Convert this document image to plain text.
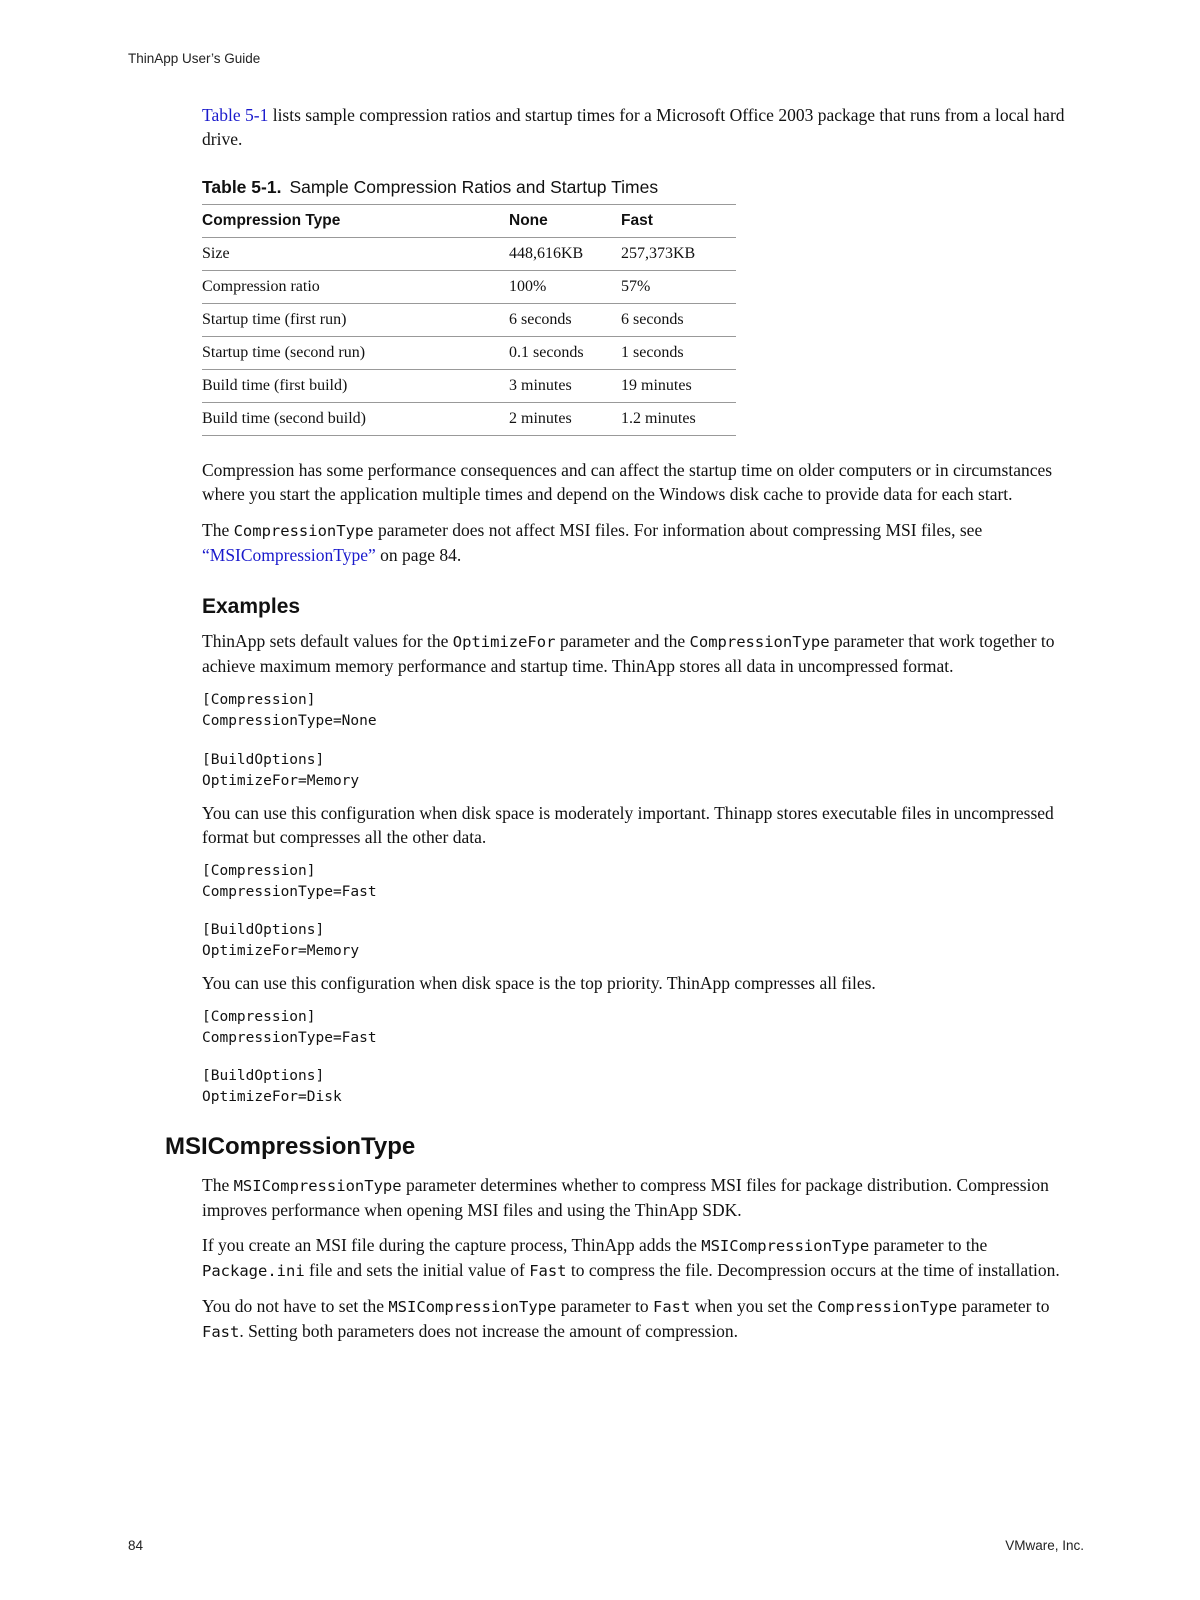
ThinApp User’s Guide

Table 5-1 lists sample compression ratios and startup times for a Microsoft Office 2003 package that runs from a local hard drive.

Table 5-1. Sample Compression Ratios and Startup Times
Compression Type	None	Fast
Size	448,616KB	257,373KB
Compression ratio	100%	57%
Startup time (first run)	6 seconds	6 seconds
Startup time (second run)	0.1 seconds	1 seconds
Build time (first build)	3 minutes	19 minutes
Build time (second build)	2 minutes	1.2 minutes

Compression has some performance consequences and can affect the startup time on older computers or in circumstances where you start the application multiple times and depend on the Windows disk cache to provide data for each start.

The CompressionType parameter does not affect MSI files. For information about compressing MSI files, see
“MSICompressionType” on page 84.

Examples

ThinApp sets default values for the OptimizeFor parameter and the CompressionType parameter that work together to achieve maximum memory performance and startup time. ThinApp stores all data in uncompressed format.

[Compression]
CompressionType=None
[BuildOptions]
OptimizeFor=Memory

You can use this configuration when disk space is moderately important. Thinapp stores executable files in uncompressed format but compresses all the other data.

[Compression]
CompressionType=Fast
[BuildOptions]
OptimizeFor=Memory

You can use this configuration when disk space is the top priority. ThinApp compresses all files.

[Compression]
CompressionType=Fast
[BuildOptions]
OptimizeFor=Disk
MSICompressionType

The MSICompressionType parameter determines whether to compress MSI files for package distribution. Compression improves performance when opening MSI files and using the ThinApp SDK.

If you create an MSI file during the capture process, ThinApp adds the MSICompressionType parameter to the Package.ini file and sets the initial value of Fast to compress the file. Decompression occurs at the time of installation.

You do not have to set the MSICompressionType parameter to Fast when you set the CompressionType parameter to Fast. Setting both parameters does not increase the amount of compression.

84	VMware, Inc.
